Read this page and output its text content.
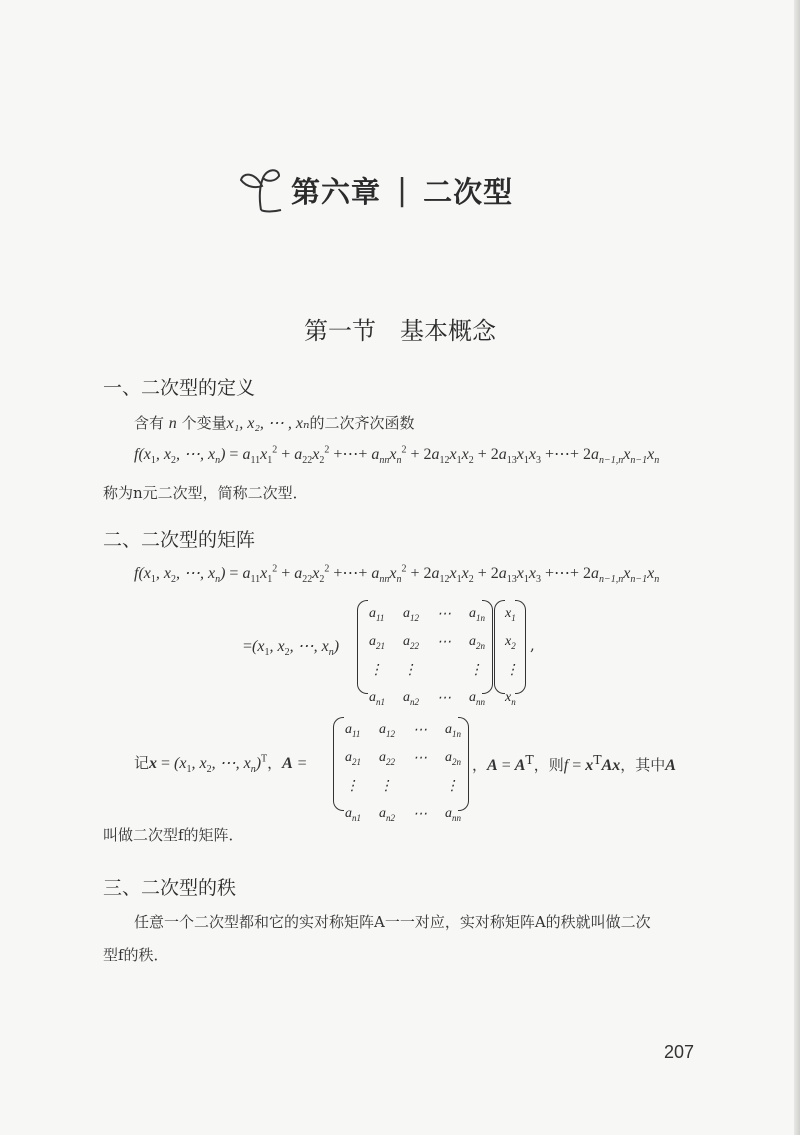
第六章 | 二次型
第一节　基本概念
一、二次型的定义
含有 n 个变量x₁, x₂, ⋯ , xₙ的二次齐次函数
$f(x_1$, $x_2$, ⋯, $x_n) = a_{11}x_1^2 + a_{22}x_2^2$ +⋯+ $a_{nn}x_n^2 + 2a_{12}x_1x_2 + 2a_{13}x_1x_3$ +⋯+ $2a_{n-1,n}x_{n-1}x_n$
称为n元二次型，简称二次型．
二、二次型的矩阵
$f(x_1$, $x_2$, ⋯, $x_n) = a_{11}x_1^2 + a_{22}x_2^2$ +⋯+ $a_{nn}x_n^2 + 2a_{12}x_1x_2 + 2a_{13}x_1x_3$ +⋯+ $2a_{n-1,n}x_{n-1}x_n$
$=(x_1$, $x_2$, ⋯, $x_n$)
$a_{11}$	$a_{12}$	⋯	$a_{1n}$
$a_{21}$	$a_{22}$	⋯	$a_{2n}$
⋮	⋮		⋮
$a_{n1}$	$a_{n2}$	⋯	$a_{nn}$
$x_1$
$x_2$
⋮
$x_n$
,
记$x = (x_1$, $x_2$, ⋯, $x_n)^T$，A =
$a_{11}$	$a_{12}$	⋯	$a_{1n}$
$a_{21}$	$a_{22}$	⋯	$a_{2n}$
⋮	⋮		⋮
$a_{n1}$	$a_{n2}$	⋯	$a_{nn}$
，$A = A^T$，则$f = x^TAx$，其中A
叫做二次型f的矩阵．
三、二次型的秩
任意一个二次型都和它的实对称矩阵A一一对应，实对称矩阵A的秩就叫做二次
型f的秩．
207
